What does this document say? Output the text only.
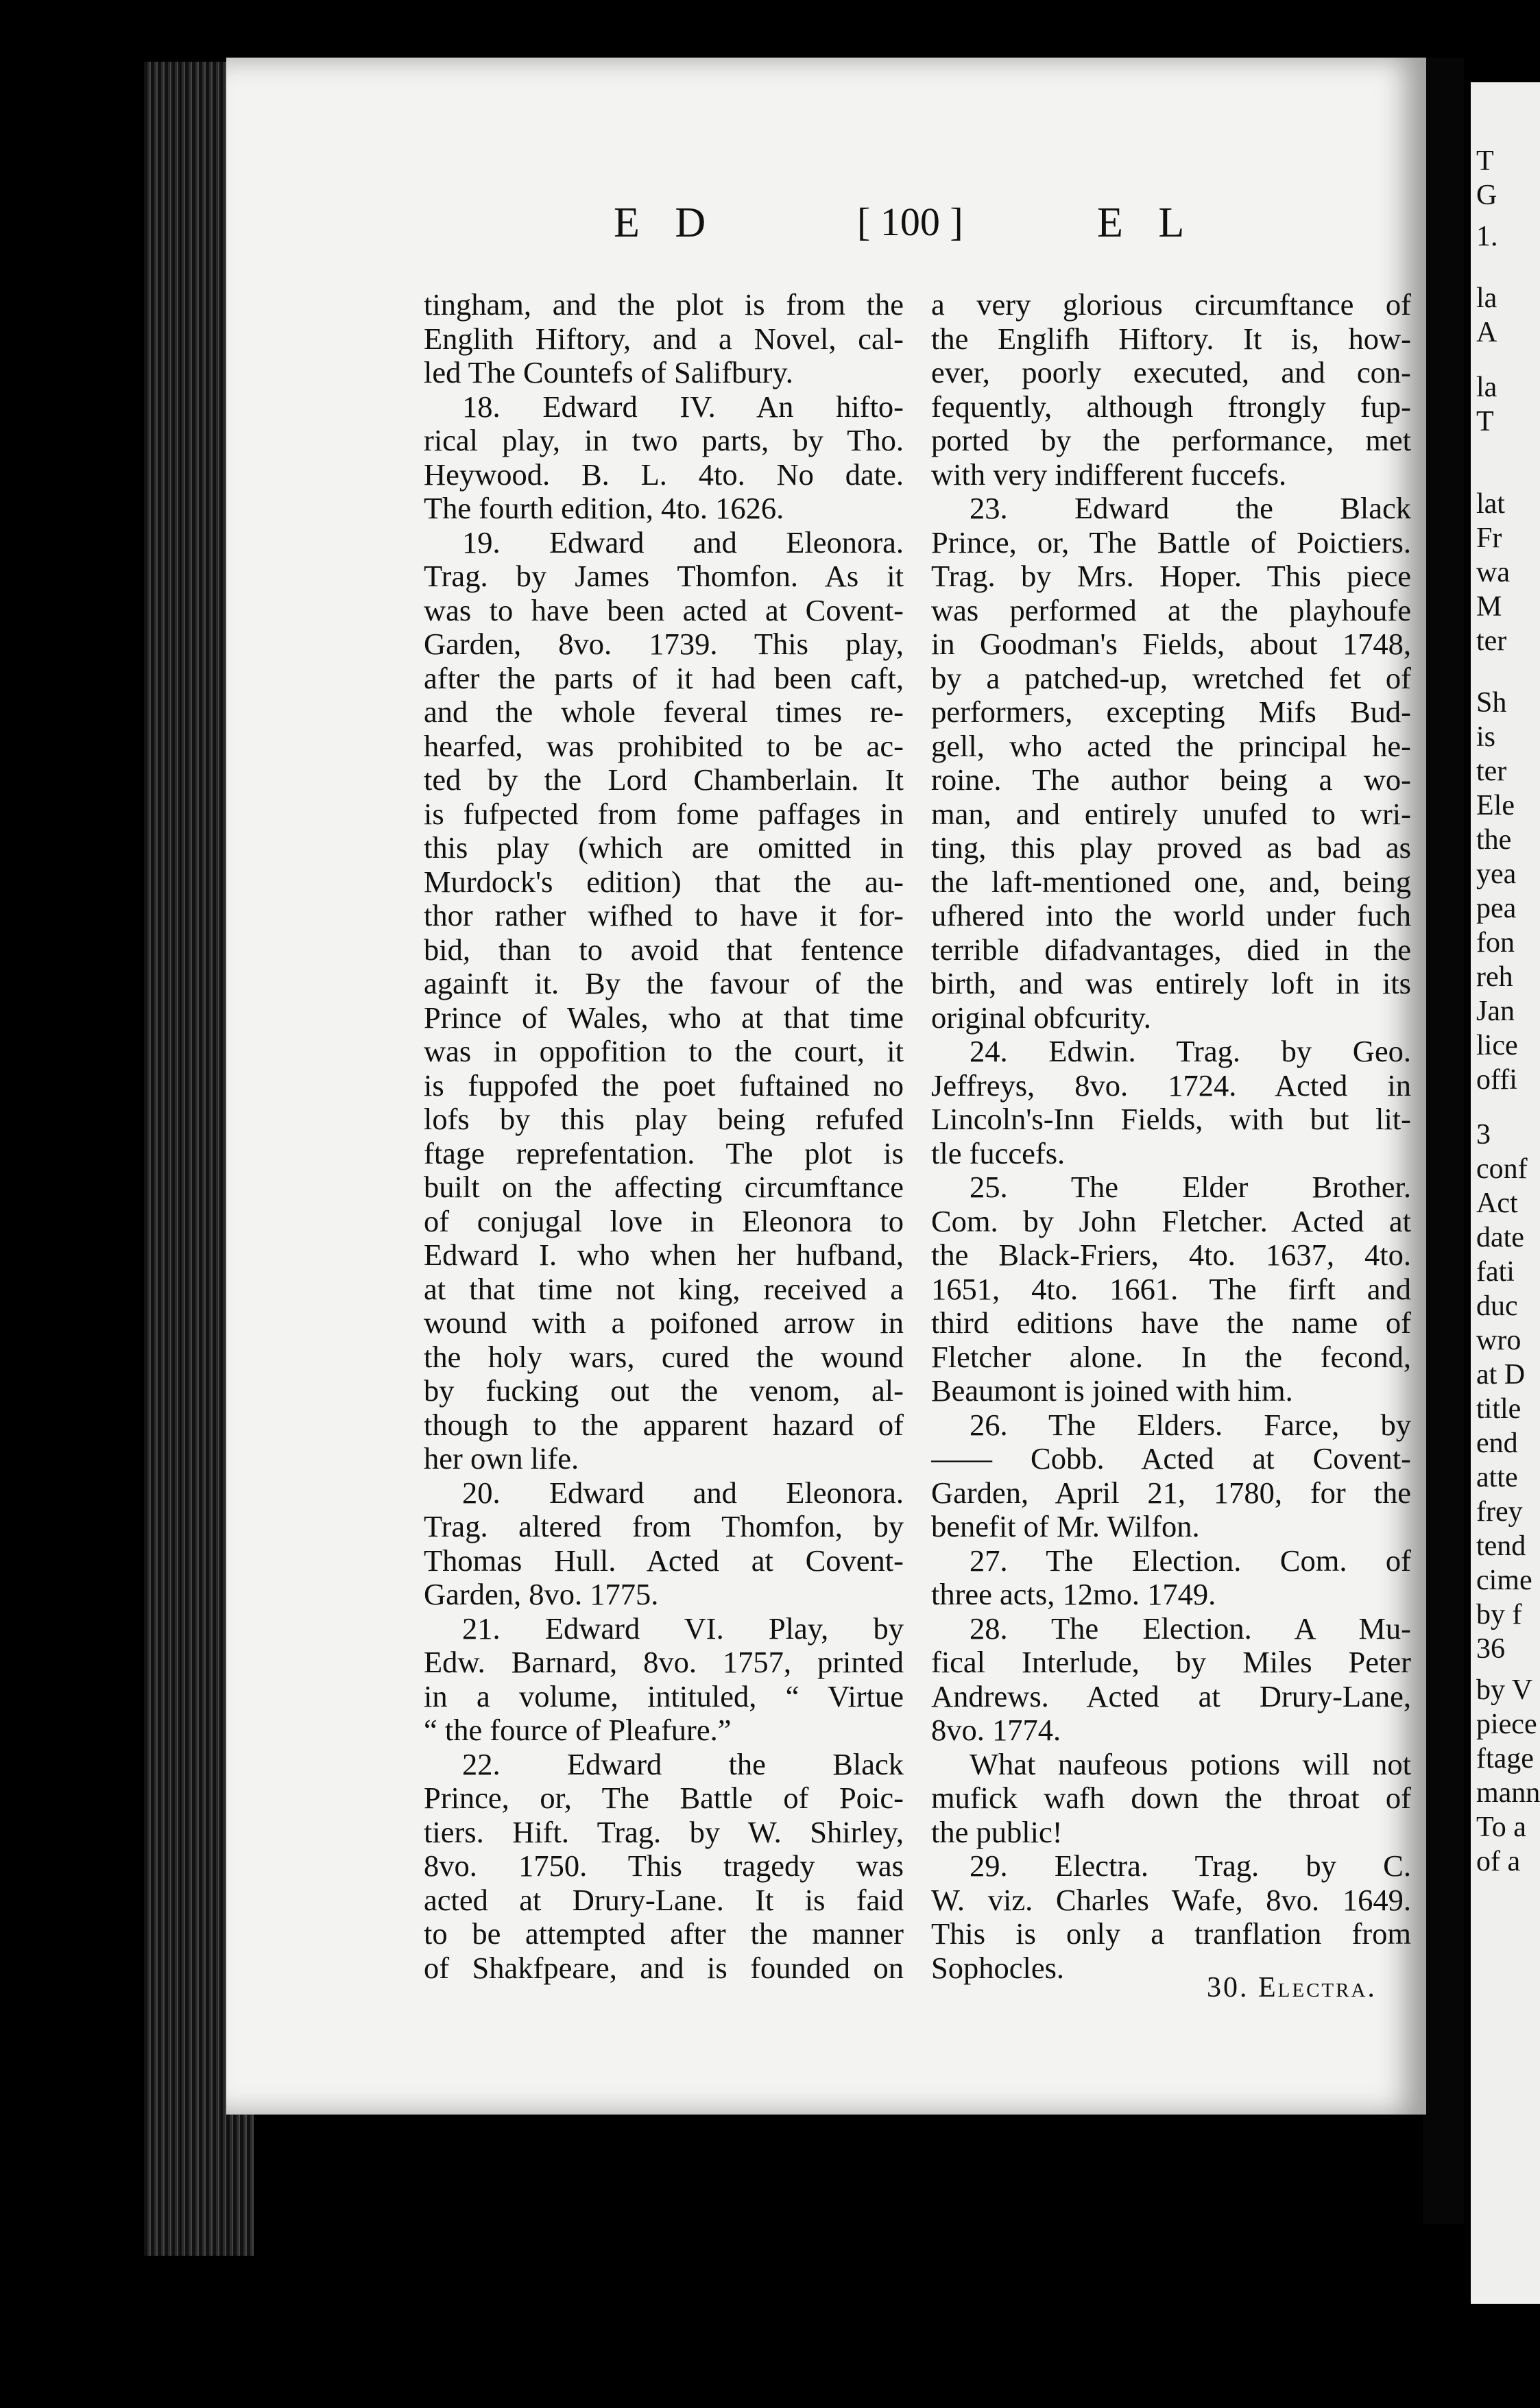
T
G
1.
la
A
la
T
lat
Fr
wa
M
ter
Sh
is
ter
Ele
the
yea
pea
fon
reh
Jan
lice
offi
3
conf
Act
date
fati
duc
wro
at D
title
end
atte
frey
tend
cime
by f
36
by V
piece
ftage
mann
To a
of a
E D	[ 100 ]	E L
tingham, and the plot is from the
Englith Hiftory, and a Novel, cal-
led The Countefs of Salifbury.
18. Edward IV. An hifto-
rical play, in two parts, by Tho.
Heywood. B. L. 4to. No date.
The fourth edition, 4to. 1626.
19. Edward and Eleonora.
Trag. by James Thomfon. As it
was to have been acted at Covent-
Garden, 8vo. 1739. This play,
after the parts of it had been caft,
and the whole feveral times re-
hearfed, was prohibited to be ac-
ted by the Lord Chamberlain. It
is fufpected from fome paffages in
this play (which are omitted in
Murdock's edition) that the au-
thor rather wifhed to have it for-
bid, than to avoid that fentence
againft it. By the favour of the
Prince of Wales, who at that time
was in oppofition to the court, it
is fuppofed the poet fuftained no
lofs by this play being refufed
ftage reprefentation. The plot is
built on the affecting circumftance
of conjugal love in Eleonora to
Edward I. who when her hufband,
at that time not king, received a
wound with a poifoned arrow in
the holy wars, cured the wound
by fucking out the venom, al-
though to the apparent hazard of
her own life.
20. Edward and Eleonora.
Trag. altered from Thomfon, by
Thomas Hull. Acted at Covent-
Garden, 8vo. 1775.
21. Edward VI. Play, by
Edw. Barnard, 8vo. 1757, printed
in a volume, intituled, “ Virtue
“ the fource of Pleafure.”
22. Edward the Black
Prince, or, The Battle of Poic-
tiers. Hift. Trag. by W. Shirley,
8vo. 1750. This tragedy was
acted at Drury-Lane. It is faid
to be attempted after the manner
of Shakfpeare, and is founded on
a very glorious circumftance of
the Englifh Hiftory. It is, how-
ever, poorly executed, and con-
fequently, although ftrongly fup-
ported by the performance, met
with very indifferent fuccefs.
23. Edward the Black
Prince, or, The Battle of Poictiers.
Trag. by Mrs. Hoper. This piece
was performed at the playhoufe
in Goodman's Fields, about 1748,
by a patched-up, wretched fet of
performers, excepting Mifs Bud-
gell, who acted the principal he-
roine. The author being a wo-
man, and entirely unufed to wri-
ting, this play proved as bad as
the laft-mentioned one, and, being
ufhered into the world under fuch
terrible difadvantages, died in the
birth, and was entirely loft in its
original obfcurity.
24. Edwin. Trag. by Geo.
Jeffreys, 8vo. 1724. Acted in
Lincoln's-Inn Fields, with but lit-
tle fuccefs.
25. The Elder Brother.
Com. by John Fletcher. Acted at
the Black-Friers, 4to. 1637, 4to.
1651, 4to. 1661. The firft and
third editions have the name of
Fletcher alone. In the fecond,
Beaumont is joined with him.
26. The Elders. Farce, by
—— Cobb. Acted at Covent-
Garden, April 21, 1780, for the
benefit of Mr. Wilfon.
27. The Election. Com. of
three acts, 12mo. 1749.
28. The Election. A Mu-
fical Interlude, by Miles Peter
Andrews. Acted at Drury-Lane,
8vo. 1774.
What naufeous potions will not
mufick wafh down the throat of
the public!
29. Electra. Trag. by C.
W. viz. Charles Wafe, 8vo. 1649.
This is only a tranflation from
Sophocles.
30. Electra.
